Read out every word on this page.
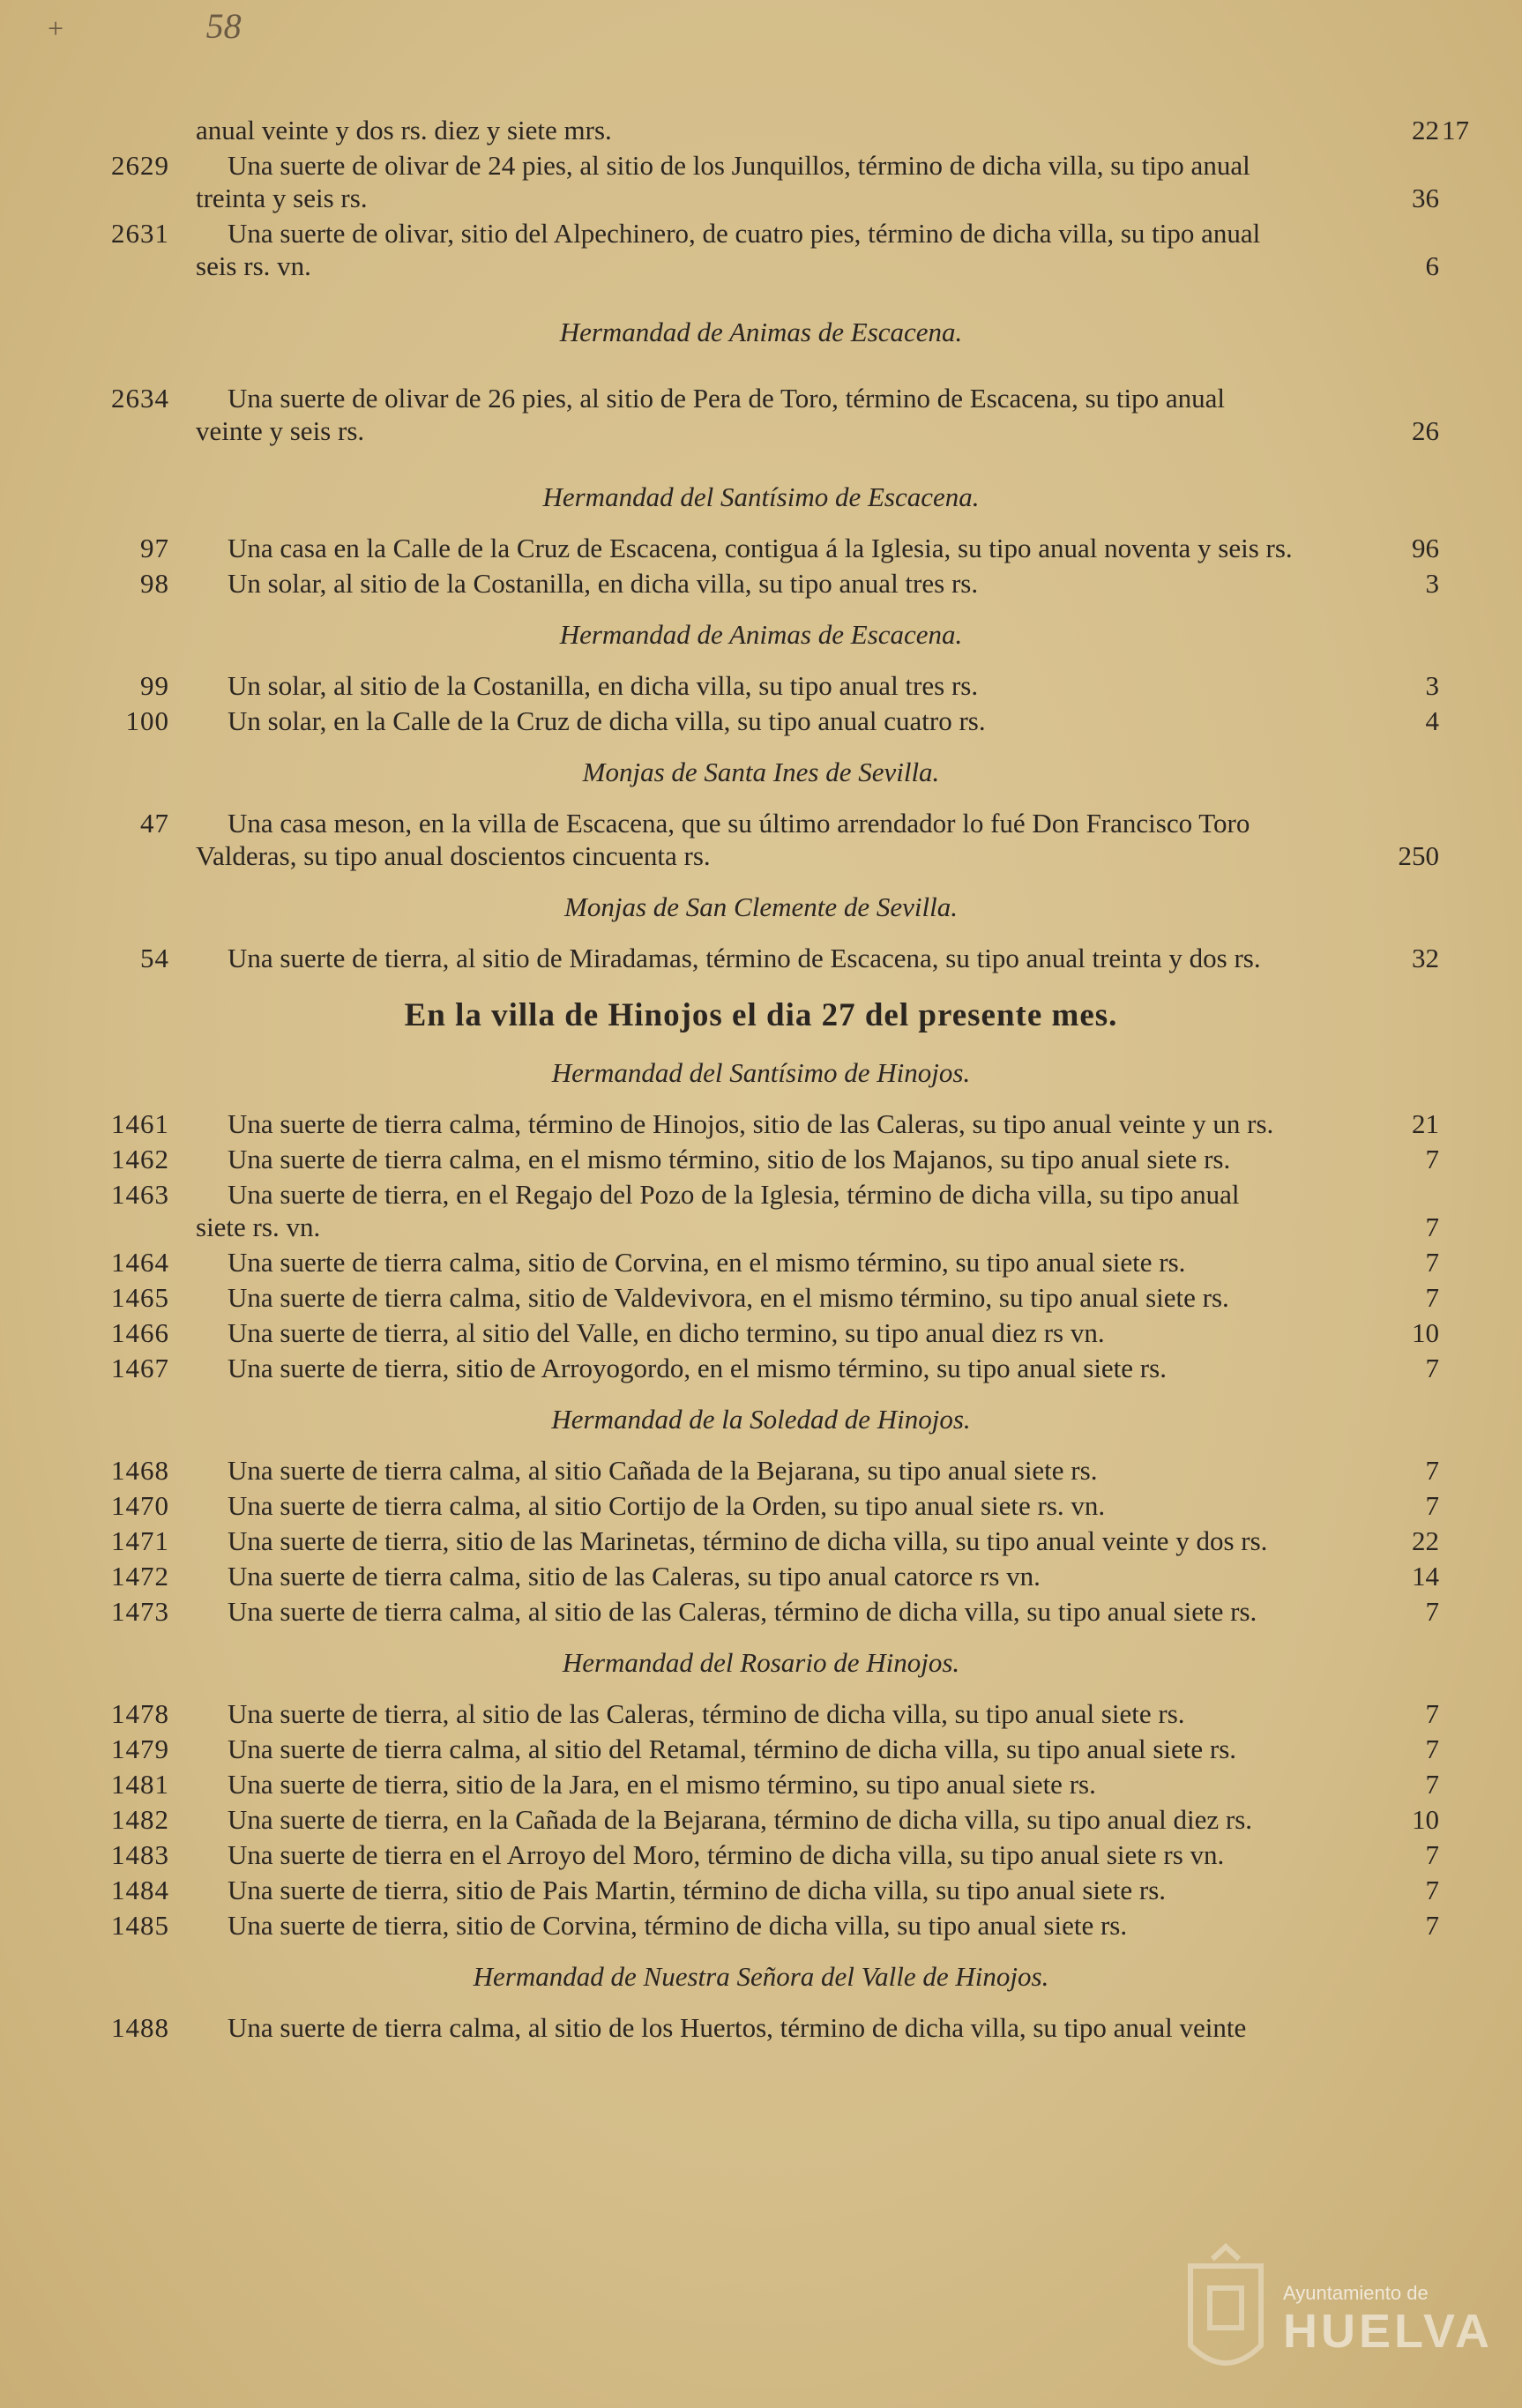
+	58
anual veinte y dos rs. diez y siete mrs.	22 17
2629 Una suerte de olivar de 24 pies, al sitio de los Junquillos, término de dicha villa, su tipo anual
treinta y seis rs.	36
2631 Una suerte de olivar, sitio del Alpechinero, de cuatro pies, término de dicha villa, su tipo anual
seis rs. vn.	6
Hermandad de Animas de Escacena.
2634 Una suerte de olivar de 26 pies, al sitio de Pera de Toro, término de Escacena, su tipo anual
veinte y seis rs.	26
Hermandad del Santísimo de Escacena.
97 Una casa en la Calle de la Cruz de Escacena, contigua á la Iglesia, su tipo anual noventa y seis rs.	96
98 Un solar, al sitio de la Costanilla, en dicha villa, su tipo anual tres rs.	3
Hermandad de Animas de Escacena.
99 Un solar, al sitio de la Costanilla, en dicha villa, su tipo anual tres rs.	3
100 Un solar, en la Calle de la Cruz de dicha villa, su tipo anual cuatro rs.	4
Monjas de Santa Ines de Sevilla.
47 Una casa meson, en la villa de Escacena, que su último arrendador lo fué Don Francisco Toro
Valderas, su tipo anual doscientos cincuenta rs.	250
Monjas de San Clemente de Sevilla.
54 Una suerte de tierra, al sitio de Miradamas, término de Escacena, su tipo anual treinta y dos rs.	32
En la villa de Hinojos el dia 27 del presente mes.
Hermandad del Santísimo de Hinojos.
1461 Una suerte de tierra calma, término de Hinojos, sitio de las Caleras, su tipo anual veinte y un rs.	21
1462 Una suerte de tierra calma, en el mismo término, sitio de los Majanos, su tipo anual siete rs.	7
1463 Una suerte de tierra, en el Regajo del Pozo de la Iglesia, término de dicha villa, su tipo anual
siete rs. vn.	7
1464 Una suerte de tierra calma, sitio de Corvina, en el mismo término, su tipo anual siete rs.	7
1465 Una suerte de tierra calma, sitio de Valdevivora, en el mismo término, su tipo anual siete rs.	7
1466 Una suerte de tierra, al sitio del Valle, en dicho termino, su tipo anual diez rs vn.	10
1467 Una suerte de tierra, sitio de Arroyogordo, en el mismo término, su tipo anual siete rs.	7
Hermandad de la Soledad de Hinojos.
1468 Una suerte de tierra calma, al sitio Cañada de la Bejarana, su tipo anual siete rs.	7
1470 Una suerte de tierra calma, al sitio Cortijo de la Orden, su tipo anual siete rs. vn.	7
1471 Una suerte de tierra, sitio de las Marinetas, término de dicha villa, su tipo anual veinte y dos rs.	22
1472 Una suerte de tierra calma, sitio de las Caleras, su tipo anual catorce rs vn.	14
1473 Una suerte de tierra calma, al sitio de las Caleras, término de dicha villa, su tipo anual siete rs.	7
Hermandad del Rosario de Hinojos.
1478 Una suerte de tierra, al sitio de las Caleras, término de dicha villa, su tipo anual siete rs.	7
1479 Una suerte de tierra calma, al sitio del Retamal, término de dicha villa, su tipo anual siete rs.	7
1481 Una suerte de tierra, sitio de la Jara, en el mismo término, su tipo anual siete rs.	7
1482 Una suerte de tierra, en la Cañada de la Bejarana, término de dicha villa, su tipo anual diez rs.	10
1483 Una suerte de tierra en el Arroyo del Moro, término de dicha villa, su tipo anual siete rs vn.	7
1484 Una suerte de tierra, sitio de Pais Martin, término de dicha villa, su tipo anual siete rs.	7
1485 Una suerte de tierra, sitio de Corvina, término de dicha villa, su tipo anual siete rs.	7
Hermandad de Nuestra Señora del Valle de Hinojos.
1488 Una suerte de tierra calma, al sitio de los Huertos, término de dicha villa, su tipo anual veinte
Ayuntamiento de
HUELVA
